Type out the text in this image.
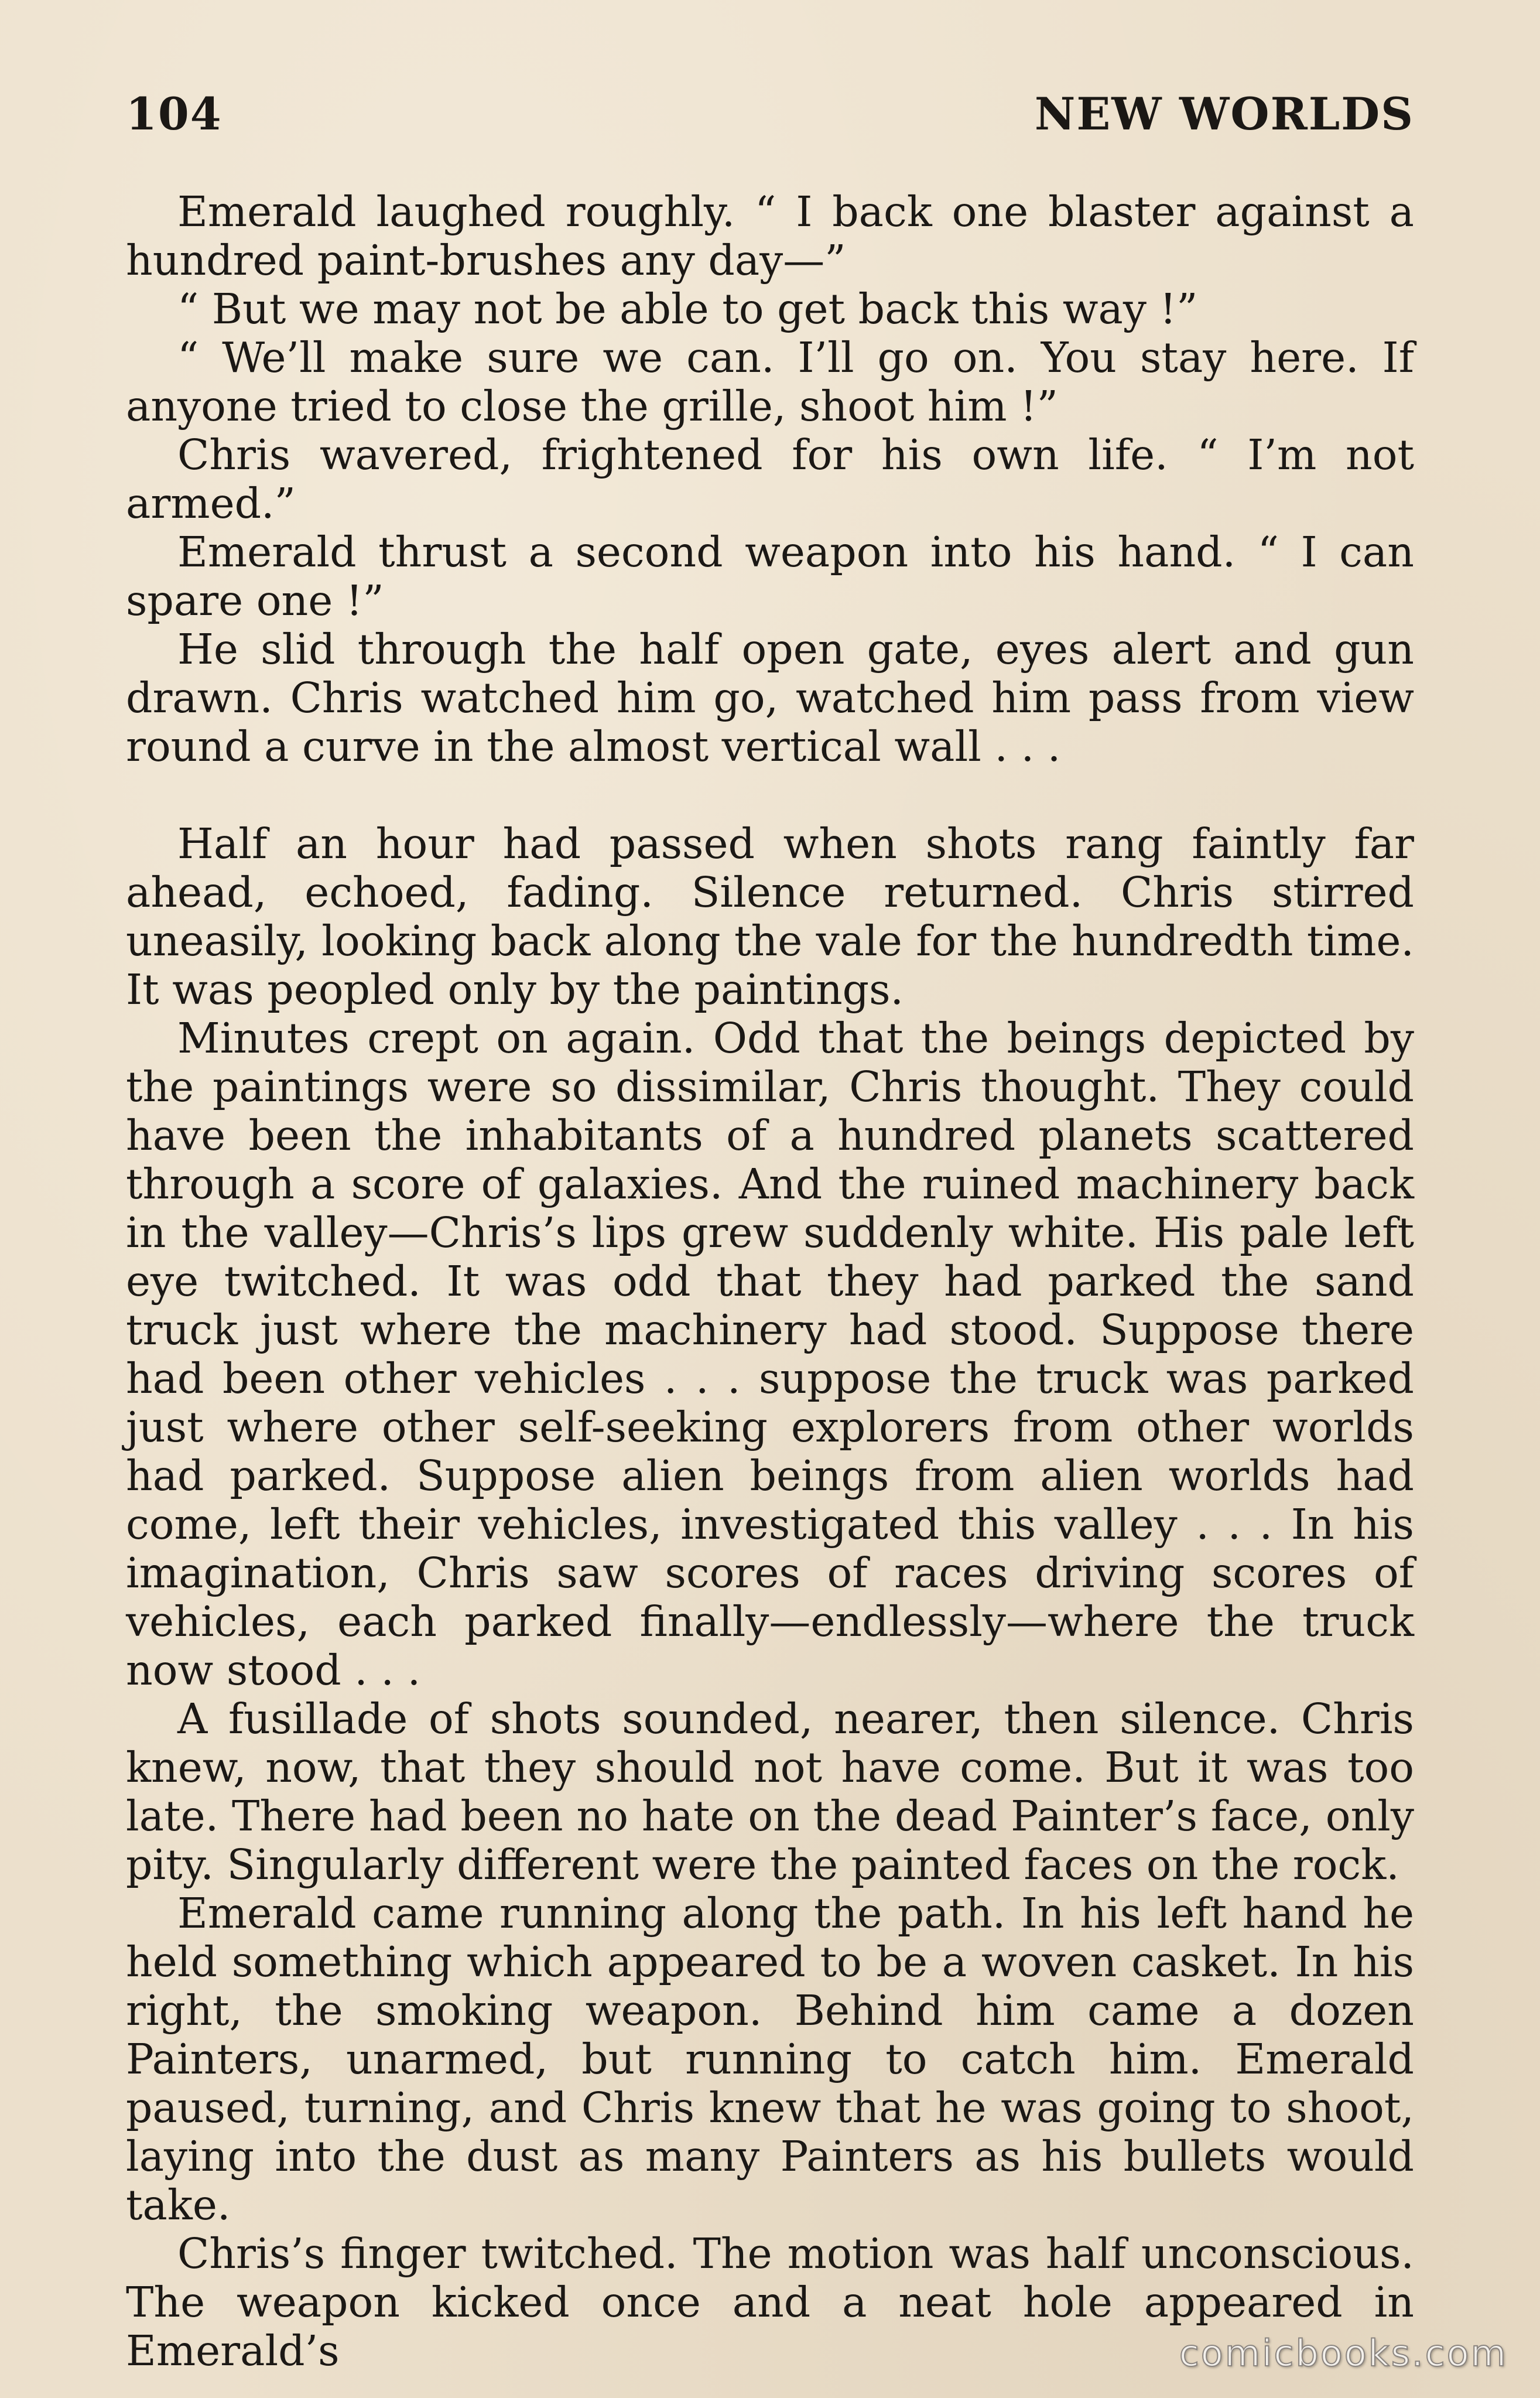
104	NEW WORLDS

Emerald laughed roughly. “ I back one blaster against a hundred paint-brushes any day—”

“ But we may not be able to get back this way !”

“ We’ll make sure we can. I’ll go on. You stay here. If anyone tried to close the grille, shoot him !”

Chris wavered, frightened for his own life. “ I’m not armed.”

Emerald thrust a second weapon into his hand. “ I can spare one !”

He slid through the half open gate, eyes alert and gun drawn. Chris watched him go, watched him pass from view round a curve in the almost vertical wall . . .

Half an hour had passed when shots rang faintly far ahead, echoed, fading. Silence returned. Chris stirred uneasily, looking back along the vale for the hundredth time. It was peopled only by the paintings.

Minutes crept on again. Odd that the beings depicted by the paintings were so dissimilar, Chris thought. They could have been the inhabitants of a hundred planets scattered through a score of galaxies. And the ruined machinery back in the valley—Chris’s lips grew suddenly white. His pale left eye twitched. It was odd that they had parked the sand truck just where the machinery had stood. Suppose there had been other vehicles . . . suppose the truck was parked just where other self-seeking explorers from other worlds had parked. Suppose alien beings from alien worlds had come, left their vehicles, investigated this valley . . . In his imagination, Chris saw scores of races driving scores of vehicles, each parked finally—endlessly—where the truck now stood . . .

A fusillade of shots sounded, nearer, then silence. Chris knew, now, that they should not have come. But it was too late. There had been no hate on the dead Painter’s face, only pity. Singularly different were the painted faces on the rock.

Emerald came running along the path. In his left hand he held something which appeared to be a woven casket. In his right, the smoking weapon. Behind him came a dozen Painters, unarmed, but running to catch him. Emerald paused, turning, and Chris knew that he was going to shoot, laying into the dust as many Painters as his bullets would take.

Chris’s finger twitched. The motion was half unconscious. The weapon kicked once and a neat hole appeared in Emerald’s	comicbooks.com
